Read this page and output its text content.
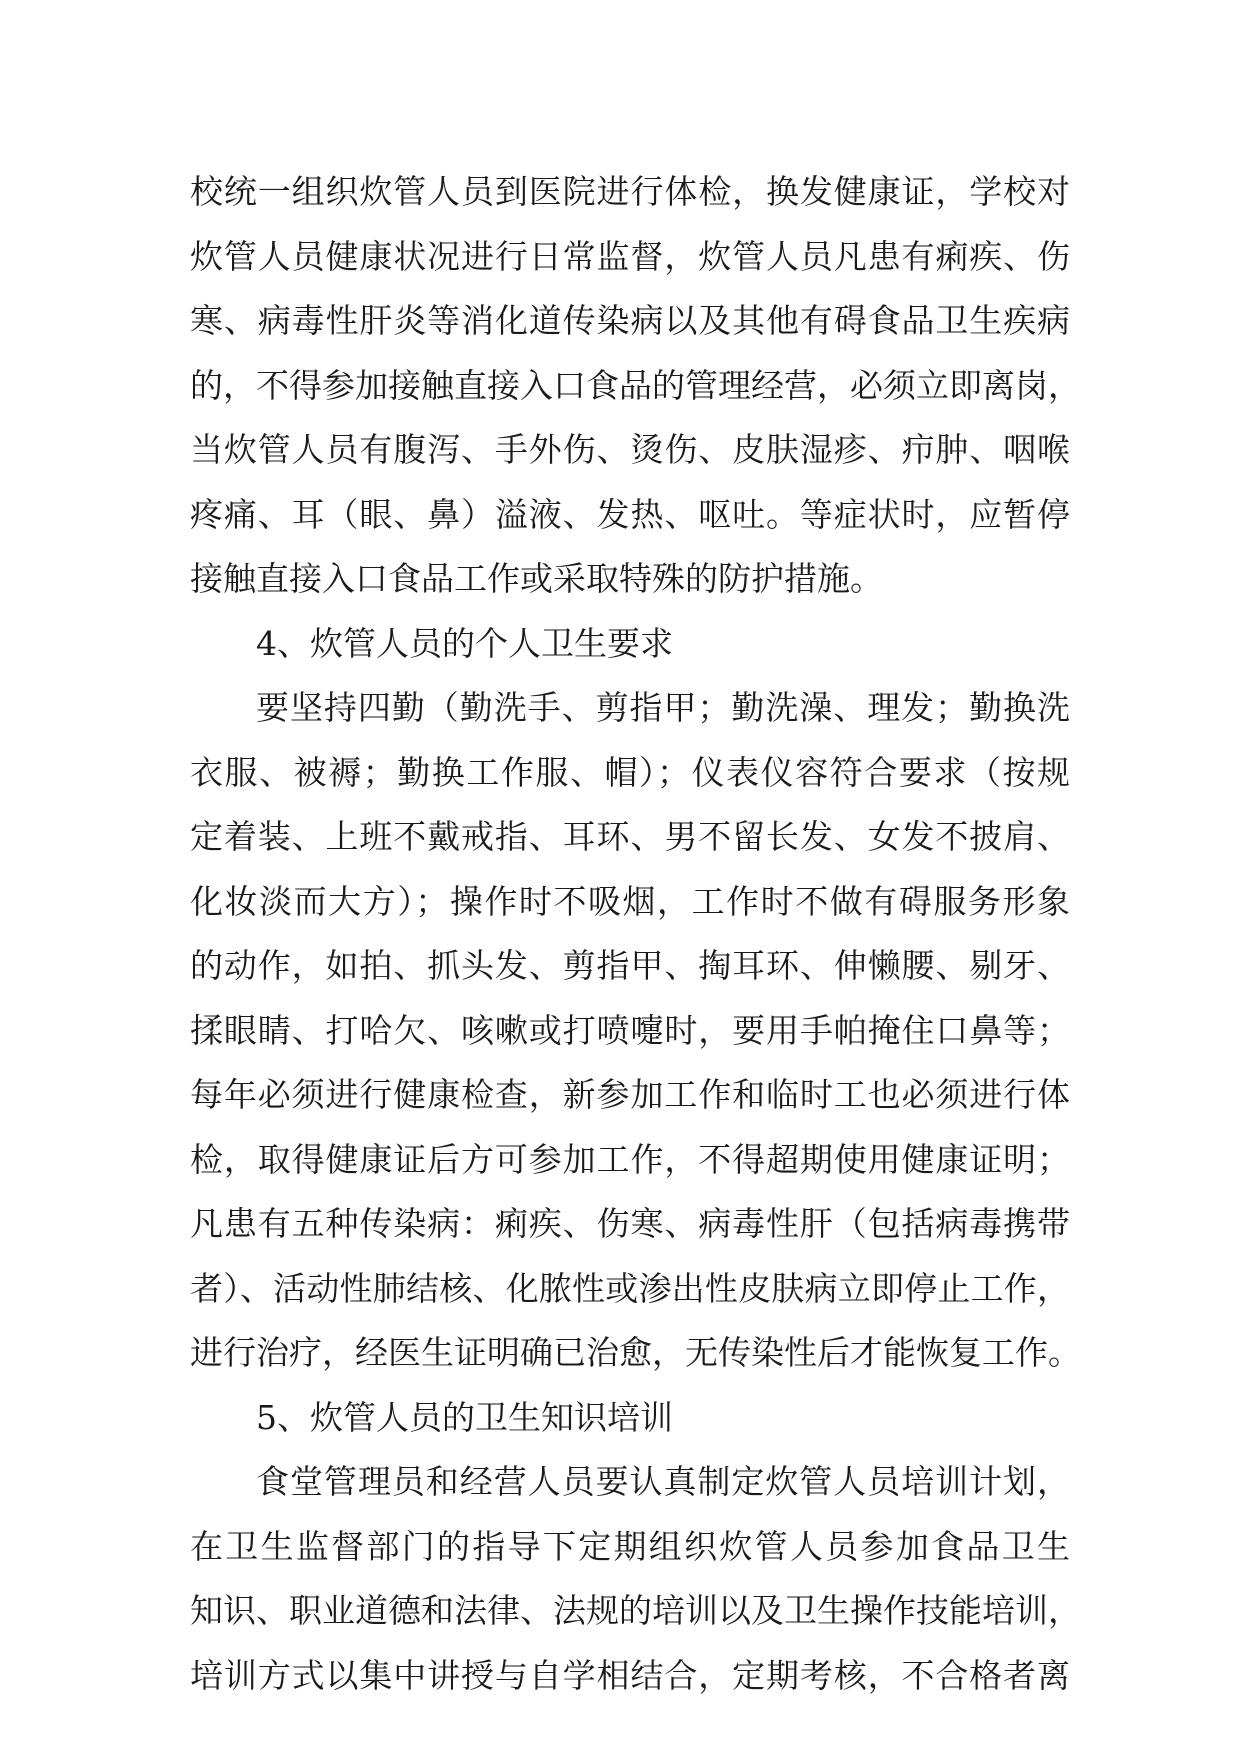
校统一组织炊管人员到医院进行体检，换发健康证，学校对
炊管人员健康状况进行日常监督，炊管人员凡患有痢疾、伤
寒、病毒性肝炎等消化道传染病以及其他有碍食品卫生疾病
的，不得参加接触直接入口食品的管理经营，必须立即离岗，
当炊管人员有腹泻、手外伤、烫伤、皮肤湿疹、疖肿、咽喉
疼痛、耳（眼、鼻）溢液、发热、呕吐。等症状时，应暂停
接触直接入口食品工作或采取特殊的防护措施。
4、炊管人员的个人卫生要求
要坚持四勤（勤洗手、剪指甲；勤洗澡、理发；勤换洗
衣服、被褥；勤换工作服、帽）；仪表仪容符合要求（按规
定着装、上班不戴戒指、耳环、男不留长发、女发不披肩、
化妆淡而大方）；操作时不吸烟，工作时不做有碍服务形象
的动作，如拍、抓头发、剪指甲、掏耳环、伸懒腰、剔牙、
揉眼睛、打哈欠、咳嗽或打喷嚏时，要用手帕掩住口鼻等；
每年必须进行健康检查，新参加工作和临时工也必须进行体
检，取得健康证后方可参加工作，不得超期使用健康证明；
凡患有五种传染病：痢疾、伤寒、病毒性肝（包括病毒携带
者）、活动性肺结核、化脓性或渗出性皮肤病立即停止工作，
进行治疗，经医生证明确已治愈，无传染性后才能恢复工作。
5、炊管人员的卫生知识培训
食堂管理员和经营人员要认真制定炊管人员培训计划，
在卫生监督部门的指导下定期组织炊管人员参加食品卫生
知识、职业道德和法律、法规的培训以及卫生操作技能培训，
培训方式以集中讲授与自学相结合，定期考核，不合格者离
